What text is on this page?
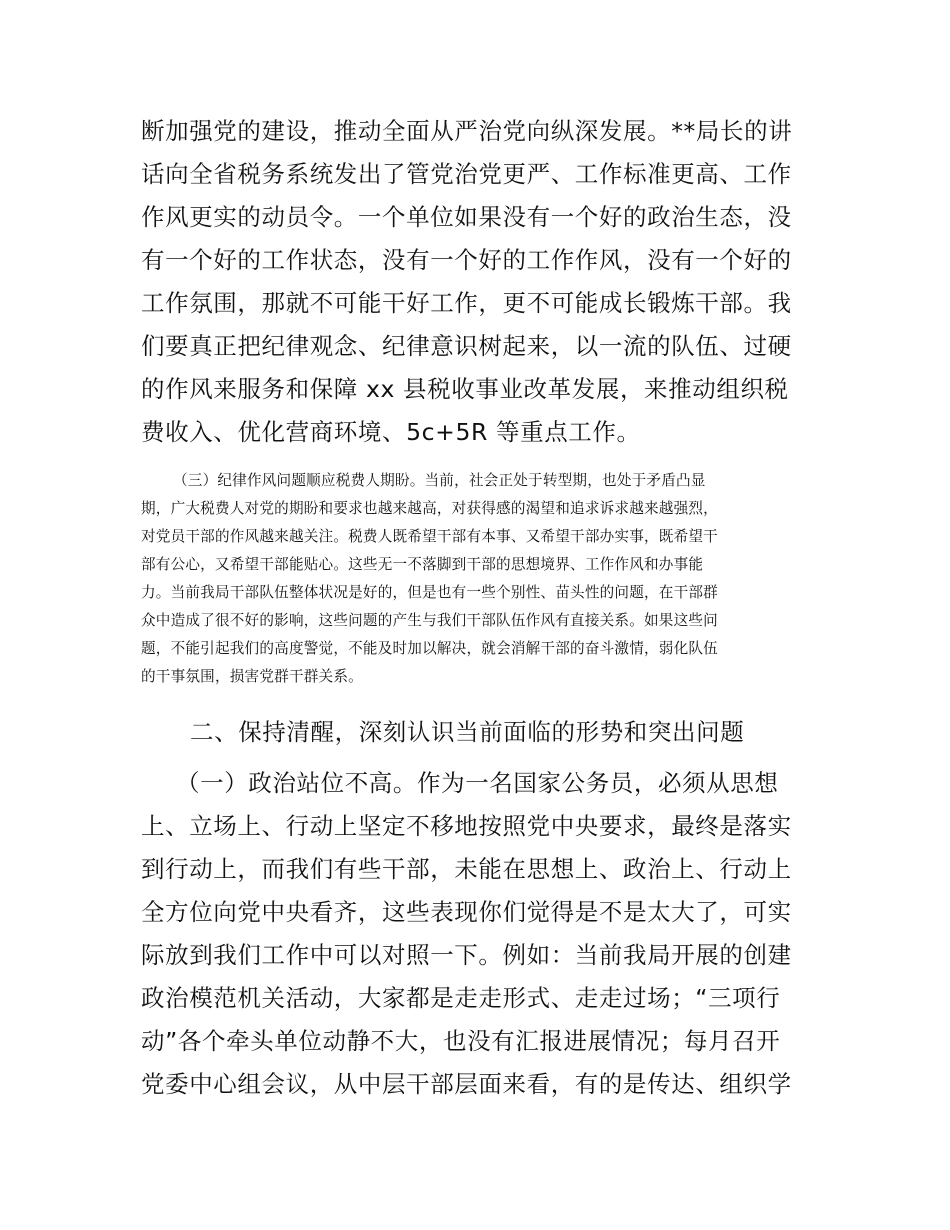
断加强党的建设，推动全面从严治党向纵深发展。**局长的讲

话向全省税务系统发出了管党治党更严、工作标准更高、工作

作风更实的动员令。一个单位如果没有一个好的政治生态，没

有一个好的工作状态，没有一个好的工作作风，没有一个好的

工作氛围，那就不可能干好工作，更不可能成长锻炼干部。我

们要真正把纪律观念、纪律意识树起来，以一流的队伍、过硬

的作风来服务和保障 xx 县税收事业改革发展，来推动组织税

费收入、优化营商环境、5c+5R 等重点工作。

（三）纪律作风问题顺应税费人期盼。当前，社会正处于转型期，也处于矛盾凸显

期，广大税费人对党的期盼和要求也越来越高，对获得感的渴望和追求诉求越来越强烈，

对党员干部的作风越来越关注。税费人既希望干部有本事、又希望干部办实事，既希望干

部有公心，又希望干部能贴心。这些无一不落脚到干部的思想境界、工作作风和办事能

力。当前我局干部队伍整体状况是好的，但是也有一些个别性、苗头性的问题，在干部群

众中造成了很不好的影响，这些问题的产生与我们干部队伍作风有直接关系。如果这些问

题，不能引起我们的高度警觉，不能及时加以解决，就会消解干部的奋斗激情，弱化队伍

的干事氛围，损害党群干群关系。

二、保持清醒，深刻认识当前面临的形势和突出问题

（一）政治站位不高。作为一名国家公务员，必须从思想

上、立场上、行动上坚定不移地按照党中央要求，最终是落实

到行动上，而我们有些干部，未能在思想上、政治上、行动上

全方位向党中央看齐，这些表现你们觉得是不是太大了，可实

际放到我们工作中可以对照一下。例如：当前我局开展的创建

政治模范机关活动，大家都是走走形式、走走过场；“三项行

动”各个牵头单位动静不大，也没有汇报进展情况；每月召开

党委中心组会议，从中层干部层面来看，有的是传达、组织学
